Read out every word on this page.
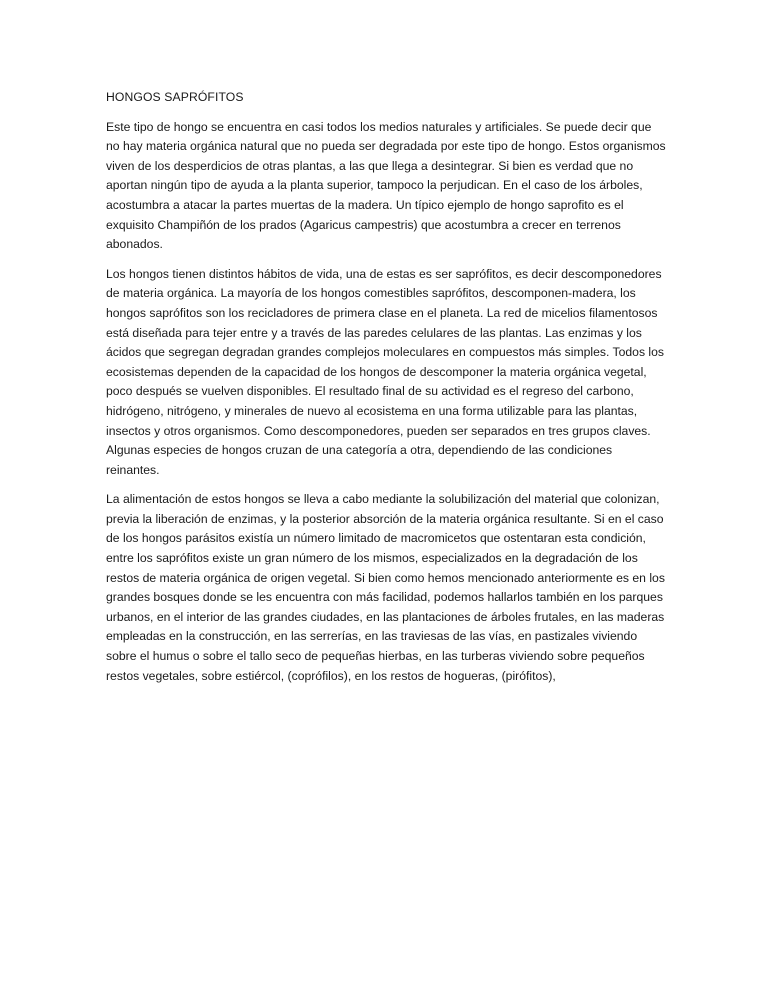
HONGOS SAPRÓFITOS

Este tipo de hongo se encuentra en casi todos los medios naturales y artificiales. Se puede decir que no hay materia orgánica natural que no pueda ser degradada por este tipo de hongo. Estos organismos viven de los desperdicios de otras plantas, a las que llega a desintegrar. Si bien es verdad que no aportan ningún tipo de ayuda a la planta superior, tampoco la perjudican. En el caso de los árboles, acostumbra a atacar la partes muertas de la madera. Un típico ejemplo de hongo saprofito es el exquisito Champiñón de los prados (Agaricus campestris) que acostumbra a crecer en terrenos abonados.

Los hongos tienen distintos hábitos de vida, una de estas es ser saprófitos, es decir descomponedores de materia orgánica. La mayoría de los hongos comestibles saprófitos, descomponen-madera, los hongos saprófitos son los recicladores de primera clase en el planeta. La red de micelios filamentosos está diseñada para tejer entre y a través de las paredes celulares de las plantas. Las enzimas y los ácidos que segregan degradan grandes complejos moleculares en compuestos más simples. Todos los ecosistemas dependen de la capacidad de los hongos de descomponer la materia orgánica vegetal, poco después se vuelven disponibles. El resultado final de su actividad es el regreso del carbono, hidrógeno, nitrógeno, y minerales de nuevo al ecosistema en una forma utilizable para las plantas, insectos y otros organismos. Como descomponedores, pueden ser separados en tres grupos claves. Algunas especies de hongos cruzan de una categoría a otra, dependiendo de las condiciones reinantes.

La alimentación de estos hongos se lleva a cabo mediante la solubilización del material que colonizan, previa la liberación de enzimas, y la posterior absorción de la materia orgánica resultante. Si en el caso de los hongos parásitos existía un número limitado de macromicetos que ostentaran esta condición, entre los saprófitos existe un gran número de los mismos, especializados en la degradación de los restos de materia orgánica de origen vegetal. Si bien como hemos mencionado anteriormente es en los grandes bosques donde se les encuentra con más facilidad, podemos hallarlos también en los parques urbanos, en el interior de las grandes ciudades, en las plantaciones de árboles frutales, en las maderas empleadas en la construcción, en las serrerías, en las traviesas de las vías, en pastizales viviendo sobre el humus o sobre el tallo seco de pequeñas hierbas, en las turberas viviendo sobre pequeños restos vegetales, sobre estiércol, (coprófilos), en los restos de hogueras, (pirófitos),
